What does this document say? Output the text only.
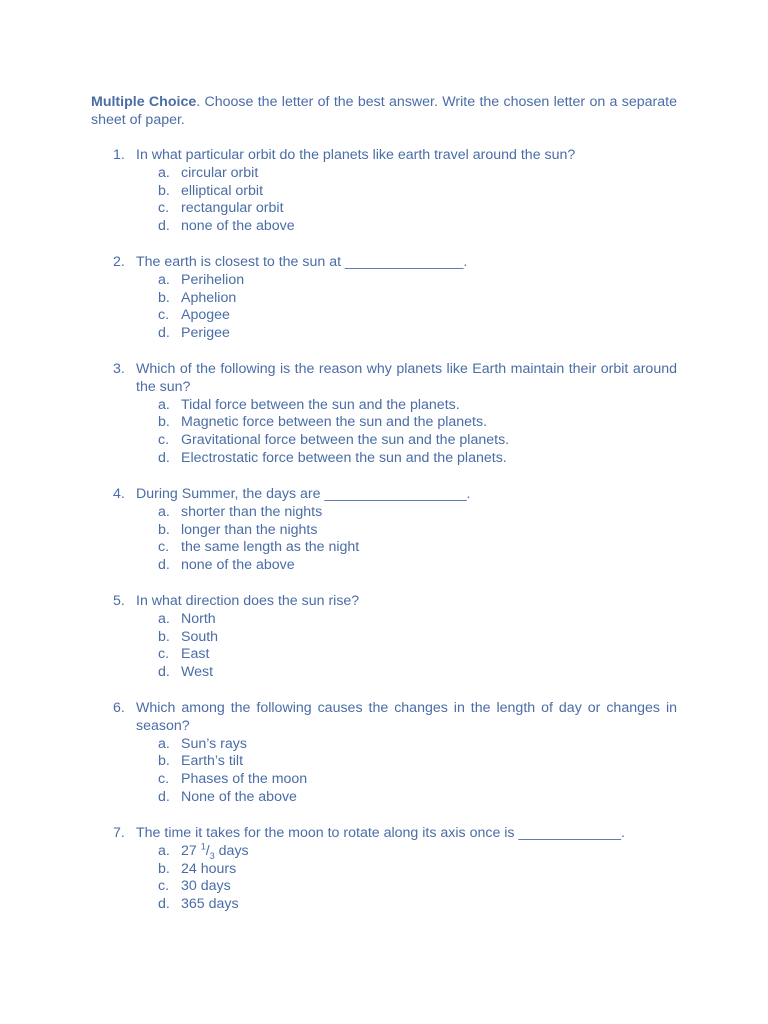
Multiple Choice. Choose the letter of the best answer. Write the chosen letter on a separate sheet of paper.
1. In what particular orbit do the planets like earth travel around the sun?
a. circular orbit
b. elliptical orbit
c. rectangular orbit
d. none of the above
2. The earth is closest to the sun at _______________.
a. Perihelion
b. Aphelion
c. Apogee
d. Perigee
3. Which of the following is the reason why planets like Earth maintain their orbit around the sun?
a. Tidal force between the sun and the planets.
b. Magnetic force between the sun and the planets.
c. Gravitational force between the sun and the planets.
d. Electrostatic force between the sun and the planets.
4. During Summer, the days are __________________.
a. shorter than the nights
b. longer than the nights
c. the same length as the night
d. none of the above
5. In what direction does the sun rise?
a. North
b. South
c. East
d. West
6. Which among the following causes the changes in the length of day or changes in season?
a. Sun’s rays
b. Earth’s tilt
c. Phases of the moon
d. None of the above
7. The time it takes for the moon to rotate along its axis once is _____________.
a. 27 $^1/_3$ days
b. 24 hours
c. 30 days
d. 365 days
